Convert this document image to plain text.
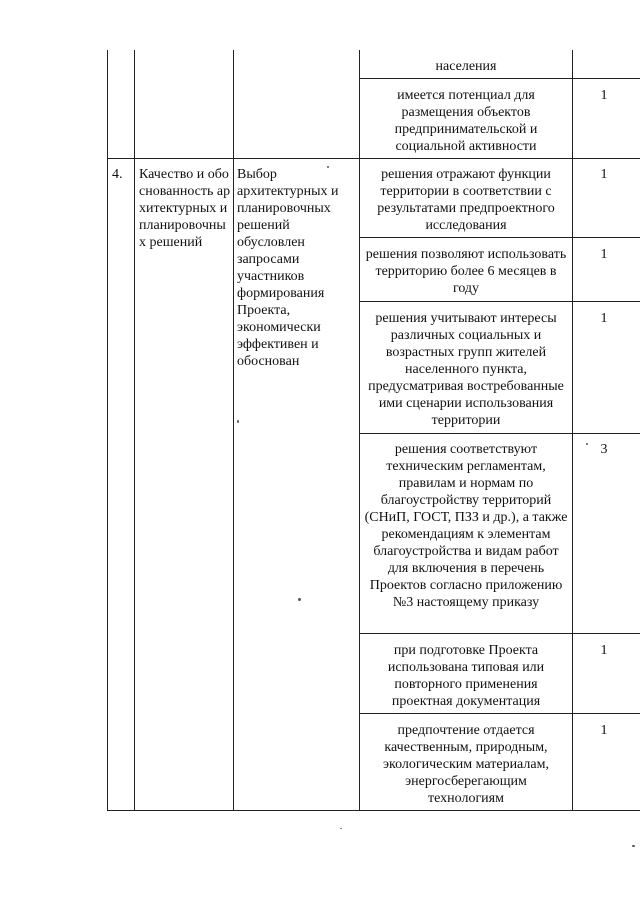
населения
имеется потенциал для размещения объектов предпринимательской и социальной активности
1
4.	Качество и обоснованность архитектурных и планировочных решений
Выбор архитектурных и планировочных решений обусловлен запросами участников формирования Проекта, экономически эффективен и обоснован
решения отражают функции территории в соответствии с результатами предпроектного исследования
1
решения позволяют использовать территорию более 6 месяцев в году
1
решения учитывают интересы различных социальных и возрастных групп жителей населенного пункта, предусматривая востребованные ими сценарии использования территории
1
решения соответствуют техническим регламентам, правилам и нормам по благоустройству территорий (СНиП, ГОСТ, ПЗЗ и др.), а также рекомендациям к элементам благоустройства и видам работ для включения в перечень Проектов согласно приложению №3 настоящему приказу
3
при подготовке Проекта использована типовая или повторного применения проектная документация
1
предпочтение отдается качественным, природным, экологическим материалам, энергосберегающим технологиям
1
